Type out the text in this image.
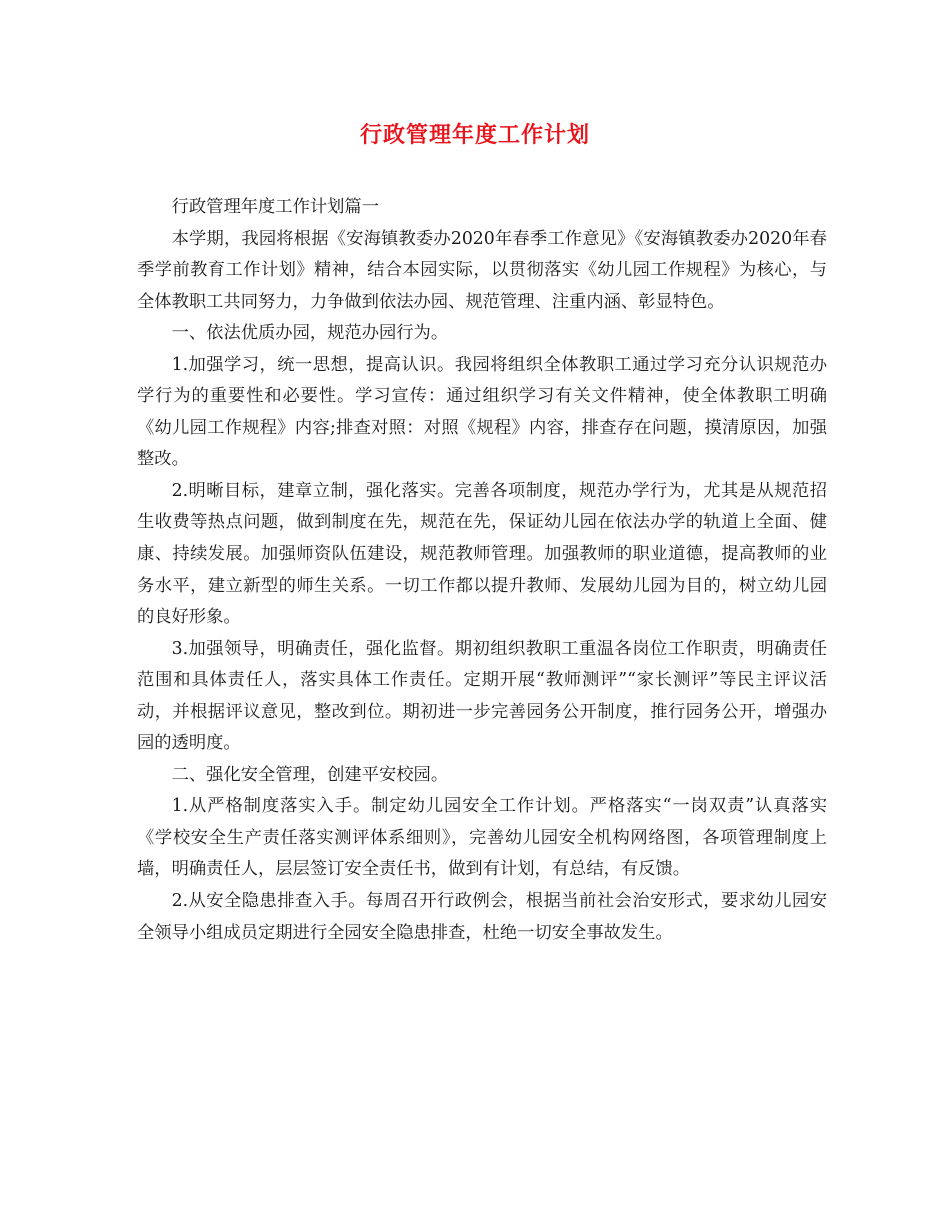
行政管理年度工作计划

行政管理年度工作计划篇一

本学期，我园将根据《安海镇教委办2020年春季工作意见》《安海镇教委办2020年春季学前教育工作计划》精神，结合本园实际，以贯彻落实《幼儿园工作规程》为核心，与全体教职工共同努力，力争做到依法办园、规范管理、注重内涵、彰显特色。

一、依法优质办园，规范办园行为。

1.加强学习，统一思想，提高认识。我园将组织全体教职工通过学习充分认识规范办学行为的重要性和必要性。学习宣传：通过组织学习有关文件精神，使全体教职工明确《幼儿园工作规程》内容;排查对照：对照《规程》内容，排查存在问题，摸清原因，加强整改。

2.明晰目标，建章立制，强化落实。完善各项制度，规范办学行为，尤其是从规范招生收费等热点问题，做到制度在先，规范在先，保证幼儿园在依法办学的轨道上全面、健康、持续发展。加强师资队伍建设，规范教师管理。加强教师的职业道德，提高教师的业务水平，建立新型的师生关系。一切工作都以提升教师、发展幼儿园为目的，树立幼儿园的良好形象。

3.加强领导，明确责任，强化监督。期初组织教职工重温各岗位工作职责，明确责任范围和具体责任人，落实具体工作责任。定期开展“教师测评”“家长测评”等民主评议活动，并根据评议意见，整改到位。期初进一步完善园务公开制度，推行园务公开，增强办园的透明度。

二、强化安全管理，创建平安校园。

1.从严格制度落实入手。制定幼儿园安全工作计划。严格落实“一岗双责”认真落实《学校安全生产责任落实测评体系细则》，完善幼儿园安全机构网络图，各项管理制度上墙，明确责任人，层层签订安全责任书，做到有计划，有总结，有反馈。

2.从安全隐患排查入手。每周召开行政例会，根据当前社会治安形式，要求幼儿园安全领导小组成员定期进行全园安全隐患排查，杜绝一切安全事故发生。
